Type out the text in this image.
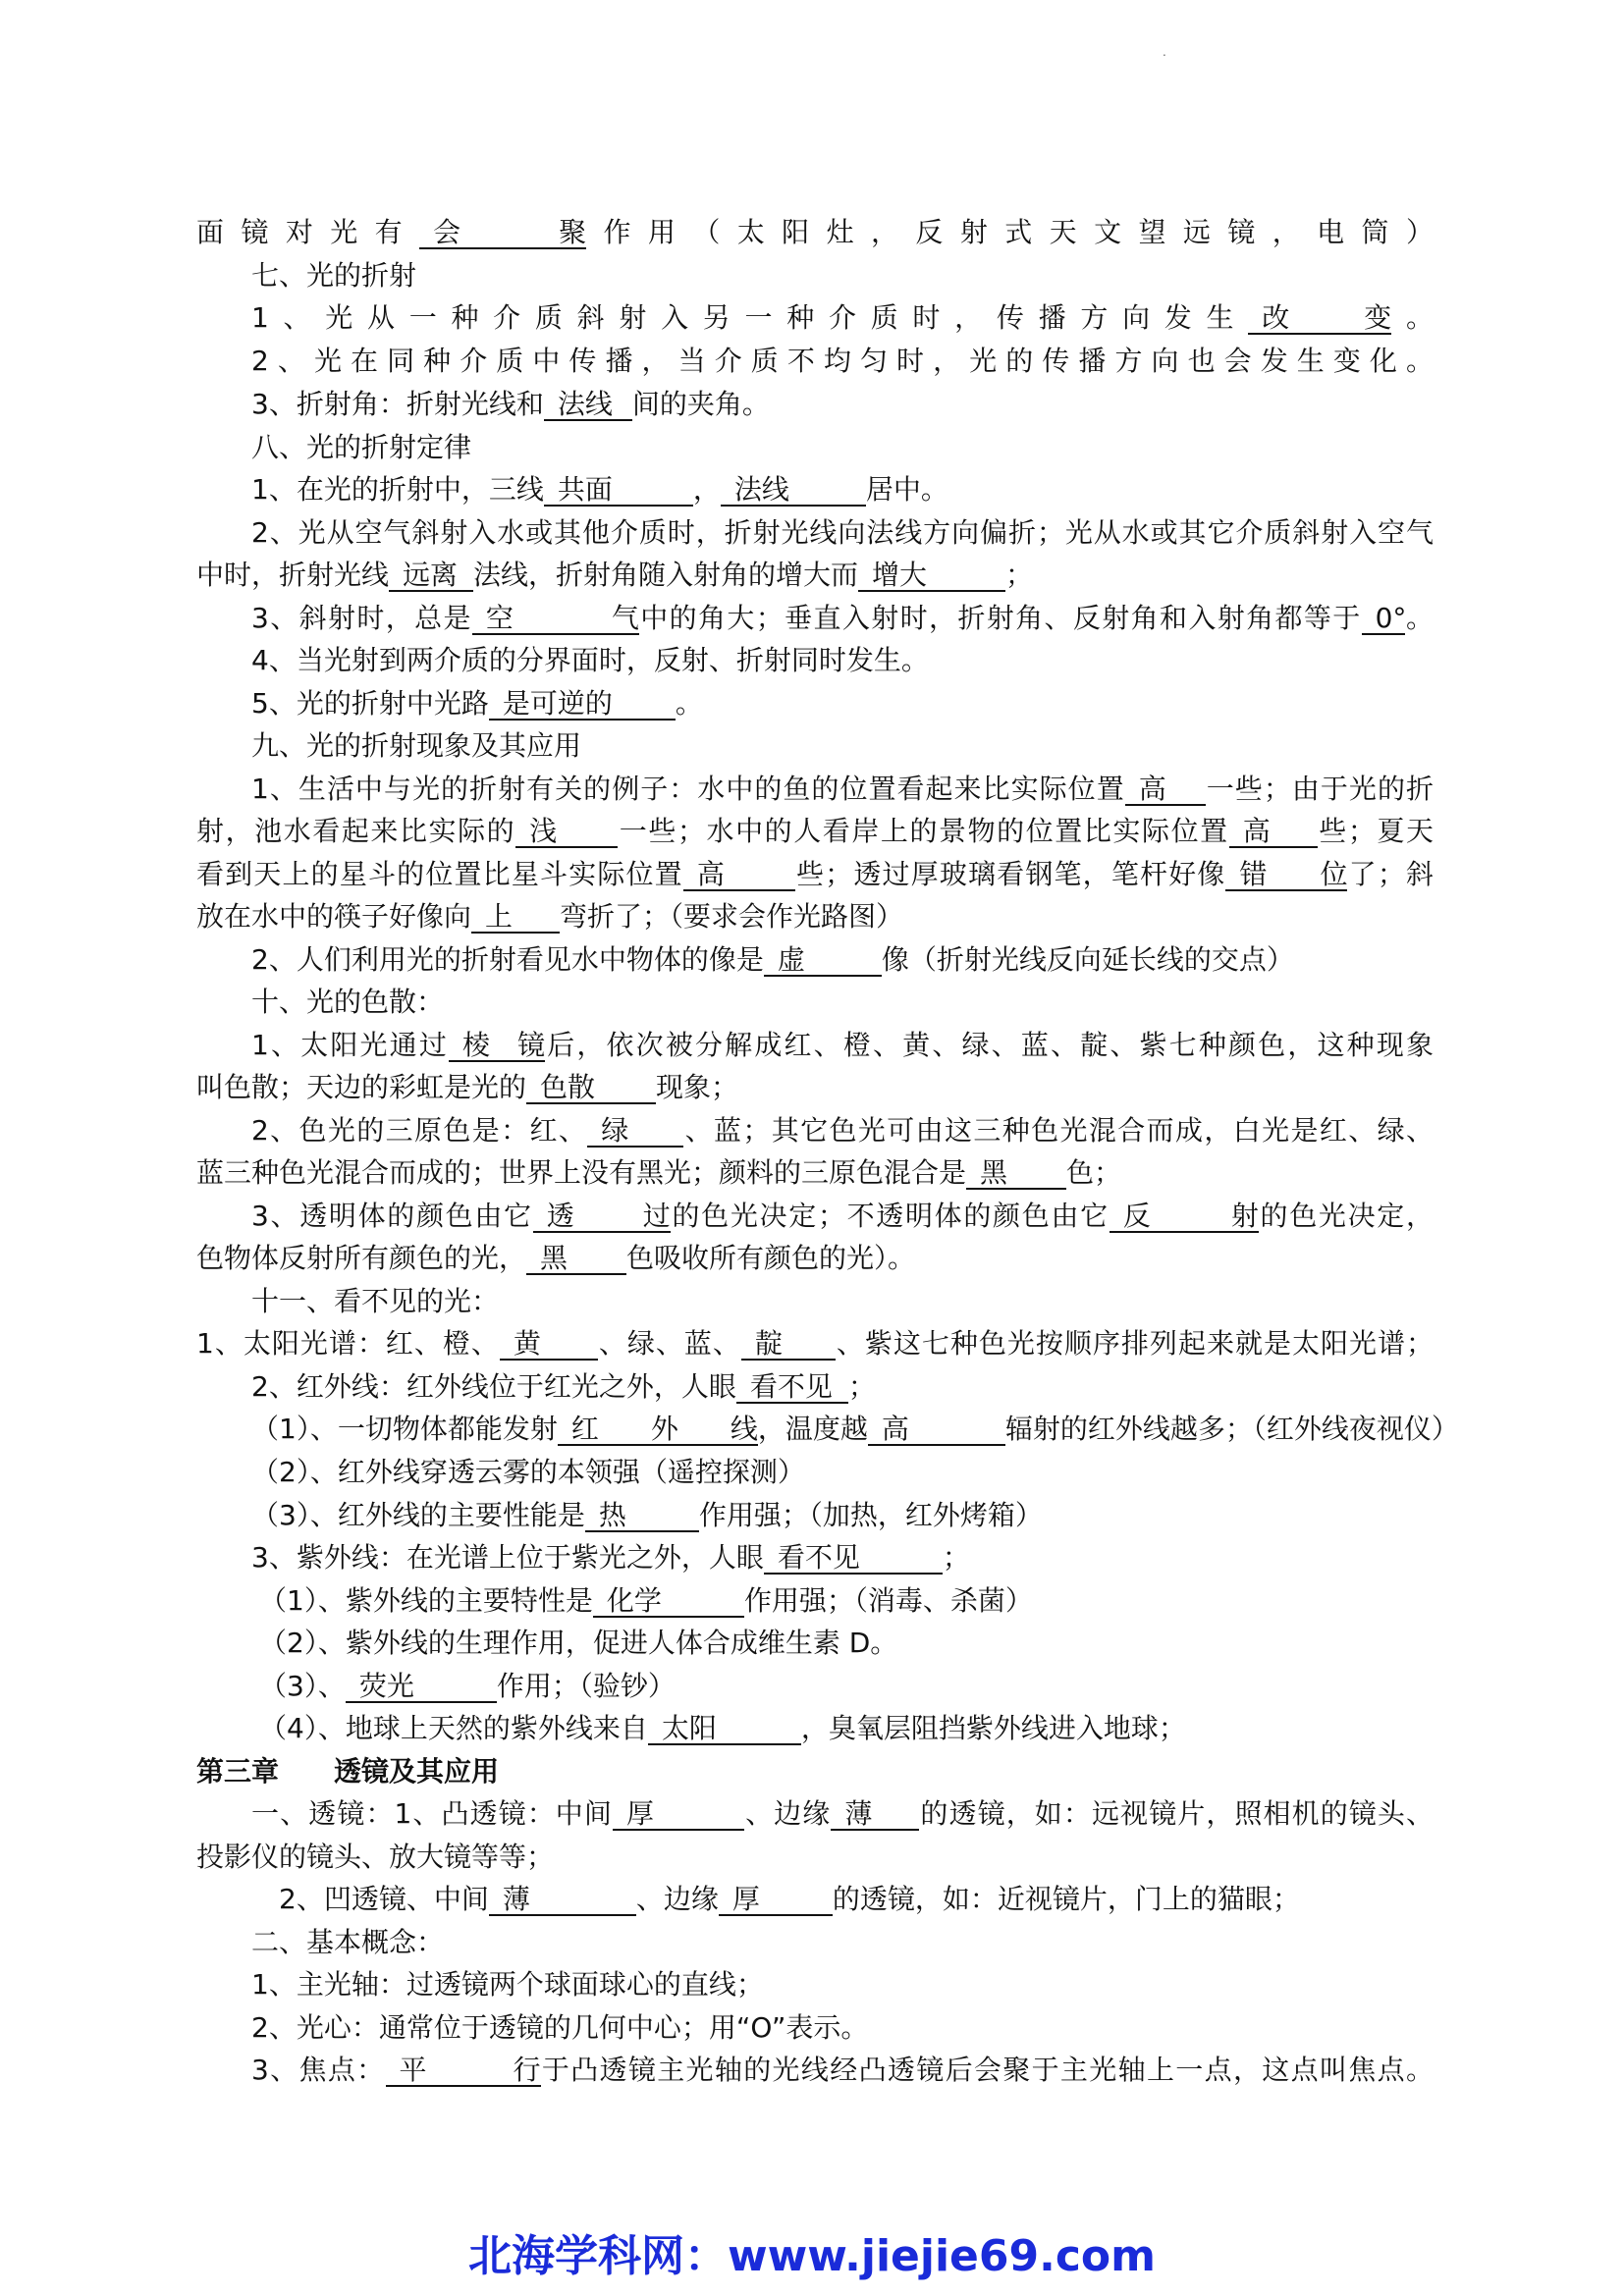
.
面镜对光有 会聚作用（太阳灶，反射式天文望远镜，电筒）
七、光的折射
1、光从一种介质斜射入另一种介质时，传播方向发生 改变。
2、光在同种介质中传播，当介质不均匀时，光的传播方向也会发生变化。
3、折射角：折射光线和 法线 间的夹角。
八、光的折射定律
1、在光的折射中，三线 共面	， 法线	居中。
2、光从空气斜射入水或其他介质时，折射光线向法线方向偏折；光从水或其它介质斜射入空气
中时，折射光线 远离 法线，折射角随入射角的增大而 增大	；
3、斜射时，总是 空气中的角大；垂直入射时，折射角、反射角和入射角都等于 0°。
4、当光射到两介质的分界面时，反射、折射同时发生。
5、光的折射中光路 是可逆的 。
九、光的折射现象及其应用
1、生活中与光的折射有关的例子：水中的鱼的位置看起来比实际位置 高 一些；由于光的折
射，池水看起来比实际的 浅 一些；水中的人看岸上的景物的位置比实际位置 高 些；夏天
看到天上的星斗的位置比星斗实际位置 高	些；透过厚玻璃看钢笔，笔杆好像 错位了；斜
放在水中的筷子好像向 上 弯折了；（要求会作光路图）
2、人们利用光的折射看见水中物体的像是 虚	像（折射光线反向延长线的交点）
十、光的色散：
1、太阳光通过 棱镜后，依次被分解成红、橙、黄、绿、蓝、靛、紫七种颜色，这种现象
叫色散；天边的彩虹是光的 色散 现象；
2、色光的三原色是：红、 绿 、蓝；其它色光可由这三种色光混合而成，白光是红、绿、
蓝三种色光混合而成的；世界上没有黑光；颜料的三原色混合是 黑 色；
3、透明体的颜色由它 透过的色光决定；不透明体的颜色由它 反射的色光决定，
色物体反射所有颜色的光， 黑 色吸收所有颜色的光）。
十一、看不见的光：
1、太阳光谱：红、橙、 黄 、绿、蓝、 靛 、紫这七种色光按顺序排列起来就是太阳光谱；
2、红外线：红外线位于红光之外，人眼 看不见 ；
（1）、一切物体都能发射 红外线，温度越 高	辐射的红外线越多；（红外线夜视仪）
（2）、红外线穿透云雾的本领强（遥控探测）
（3）、红外线的主要性能是 热	作用强；（加热，红外烤箱）
3、紫外线：在光谱上位于紫光之外，人眼 看不见	；
（1）、紫外线的主要特性是 化学	作用强；（消毒、杀菌）
（2）、紫外线的生理作用，促进人体合成维生素 D。
（3）、 荧光	作用；（验钞）
（4）、地球上天然的紫外线来自 太阳	，臭氧层阻挡紫外线进入地球；
第三章 透镜及其应用
一、透镜：1、凸透镜：中间 厚	、边缘 薄 的透镜，如：远视镜片，照相机的镜头、
投影仪的镜头、放大镜等等；
2、凹透镜、中间 薄	、边缘 厚	的透镜，如：近视镜片，门上的猫眼；
二、基本概念：
1、主光轴：过透镜两个球面球心的直线；
2、光心：通常位于透镜的几何中心；用“O”表示。
3、焦点： 平行于凸透镜主光轴的光线经凸透镜后会聚于主光轴上一点，这点叫焦点。
北海学科网：www.jiejie69.com
